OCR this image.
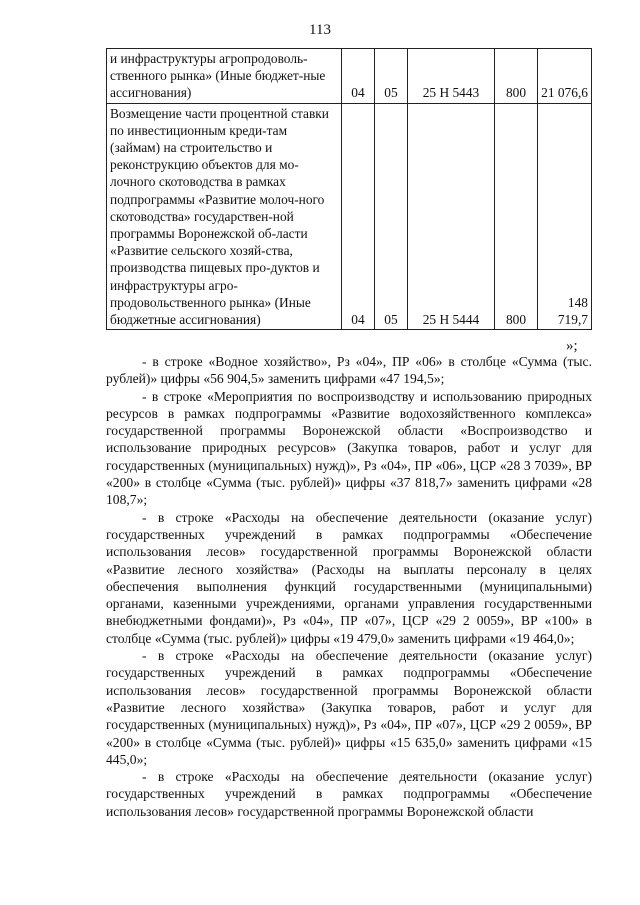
113
и инфраструктуры агропродоволь-ственного рынка» (Иные бюджет-ные ассигнования)	04	05	25 Н 5443	800	21 076,6
Возмещение части процентной ставки по инвестиционным креди-там (займам) на строительство и реконструкцию объектов для мо-лочного скотоводства в рамках подпрограммы «Развитие молоч-ного скотоводства» государствен-ной программы Воронежской об-ласти «Развитие сельского хозяй-ства, производства пищевых про-дуктов и инфраструктуры агро-продовольственного рынка» (Иные бюджетные ассигнования)	04	05	25 Н 5444	800	148 719,7
»;

- в строке «Водное хозяйство», Рз «04», ПР «06» в столбце «Сумма (тыс. рублей)» цифры «56 904,5» заменить цифрами «47 194,5»;

- в строке «Мероприятия по воспроизводству и использованию природных ресурсов в рамках подпрограммы «Развитие водохозяйственного комплекса» государственной программы Воронежской области «Воспроизводство и использование природных ресурсов» (Закупка товаров, работ и услуг для государственных (муниципальных) нужд)», Рз «04», ПР «06», ЦСР «28 3 7039», ВР «200» в столбце «Сумма (тыс. рублей)» цифры «37 818,7» заменить цифрами «28 108,7»;

- в строке «Расходы на обеспечение деятельности (оказание услуг) государственных учреждений в рамках подпрограммы «Обеспечение использования лесов» государственной программы Воронежской области «Развитие лесного хозяйства» (Расходы на выплаты персоналу в целях обеспечения выполнения функций государственными (муниципальными) органами, казенными учреждениями, органами управления государственными внебюджетными фондами)», Рз «04», ПР «07», ЦСР «29 2 0059», ВР «100» в столбце «Сумма (тыс. рублей)» цифры «19 479,0» заменить цифрами «19 464,0»;

- в строке «Расходы на обеспечение деятельности (оказание услуг) государственных учреждений в рамках подпрограммы «Обеспечение использования лесов» государственной программы Воронежской области «Развитие лесного хозяйства» (Закупка товаров, работ и услуг для государственных (муниципальных) нужд)», Рз «04», ПР «07», ЦСР «29 2 0059», ВР «200» в столбце «Сумма (тыс. рублей)» цифры «15 635,0» заменить цифрами «15 445,0»;

- в строке «Расходы на обеспечение деятельности (оказание услуг) государственных учреждений в рамках подпрограммы «Обеспечение использования лесов» государственной программы Воронежской области
